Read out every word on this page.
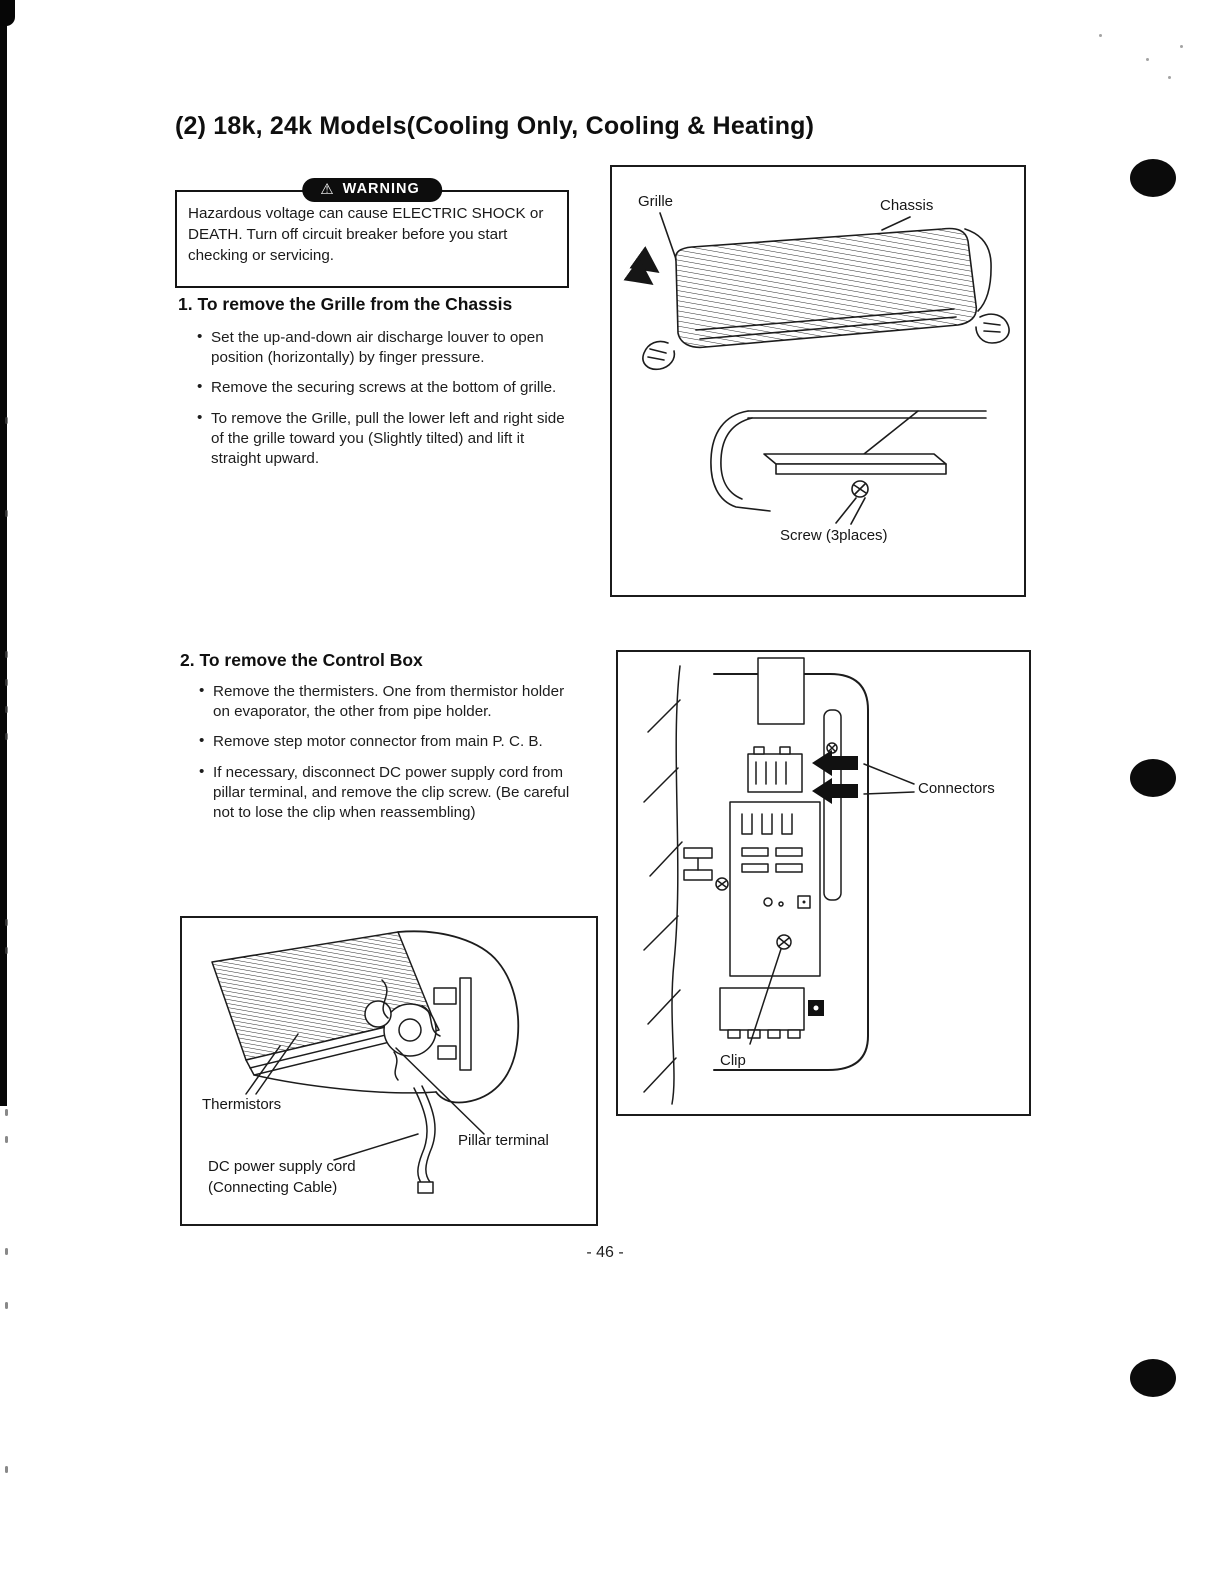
(2) 18k, 24k Models(Cooling Only, Cooling & Heating)
⚠ WARNING
Hazardous voltage can cause ELECTRIC SHOCK or DEATH. Turn off circuit breaker before you start checking or servicing.
1. To remove the Grille from the Chassis
• Set the up-and-down air discharge louver to open position (horizontally) by finger pressure.
• Remove the securing screws at the bottom of grille.
• To remove the Grille, pull the lower left and right side of the grille toward you (Slightly tilted) and lift it straight upward.
Grille	Chassis
Screw (3places)
2. To remove the Control Box
• Remove the thermisters. One from thermistor holder on evaporator, the other from pipe holder.
• Remove step motor connector from main P. C. B.
• If necessary, disconnect DC power supply cord from pillar terminal, and remove the clip screw. (Be careful not to lose the clip when reassembling)
Connectors
Clip
Thermistors
Pillar terminal
DC power supply cord
(Connecting Cable)
- 46 -
